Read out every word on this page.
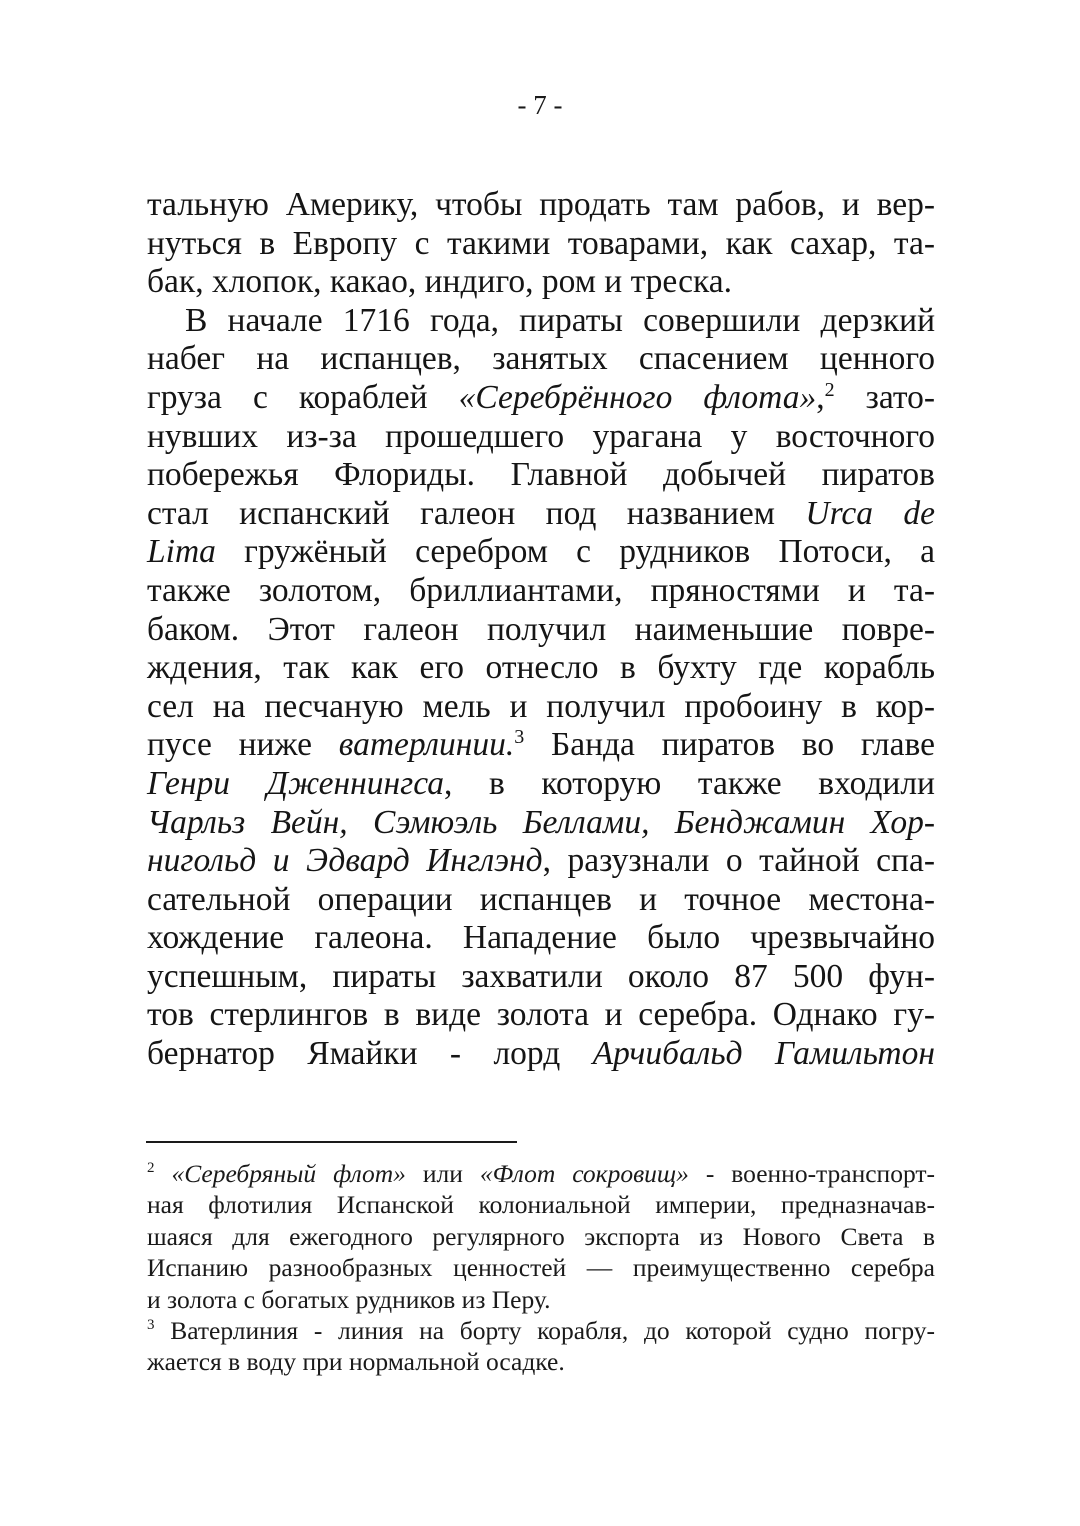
- 7 -
тальную Америку, чтобы продать там рабов, и вер-
нуться в Европу с такими товарами, как сахар, та-
бак, хлопок, какао, индиго, ром и треска.
В начале 1716 года, пираты совершили дерзкий
набег на испанцев, занятых спасением ценного
груза с кораблей «Серебрённого флота»,$^2$ зато-
нувших из-за прошедшего урагана у восточного
побережья Флориды. Главной добычей пиратов
стал испанский галеон под названием Urca de
Lima гружёный серебром с рудников Потоси, а
также золотом, бриллиантами, пряностями и та-
баком. Этот галеон получил наименьшие повре-
ждения, так как его отнесло в бухту где корабль
сел на песчаную мель и получил пробоину в кор-
пусе ниже ватерлинии.$^3$ Банда пиратов во главе
Генри Дженнингса, в которую также входили
Чарльз Вейн, Сэмюэль Беллами, Бенджамин Хор-
нигольд и Эдвард Инглэнд, разузнали о тайной спа-
сательной операции испанцев и точное местона-
хождение галеона. Нападение было чрезвычайно
успешным, пираты захватили около 87 500 фун-
тов стерлингов в виде золота и серебра. Однако гу-
бернатор Ямайки - лорд Арчибальд Гамильтон
$^2$ «Серебряный флот» или «Флот сокровищ» - военно-транспорт-
ная флотилия Испанской колониальной империи, предназначав-
шаяся для ежегодного регулярного экспорта из Нового Света в
Испанию разнообразных ценностей — преимущественно серебра
и золота с богатых рудников из Перу.
$^3$ Ватерлиния - линия на борту корабля, до которой судно погру-
жается в воду при нормальной осадке.
